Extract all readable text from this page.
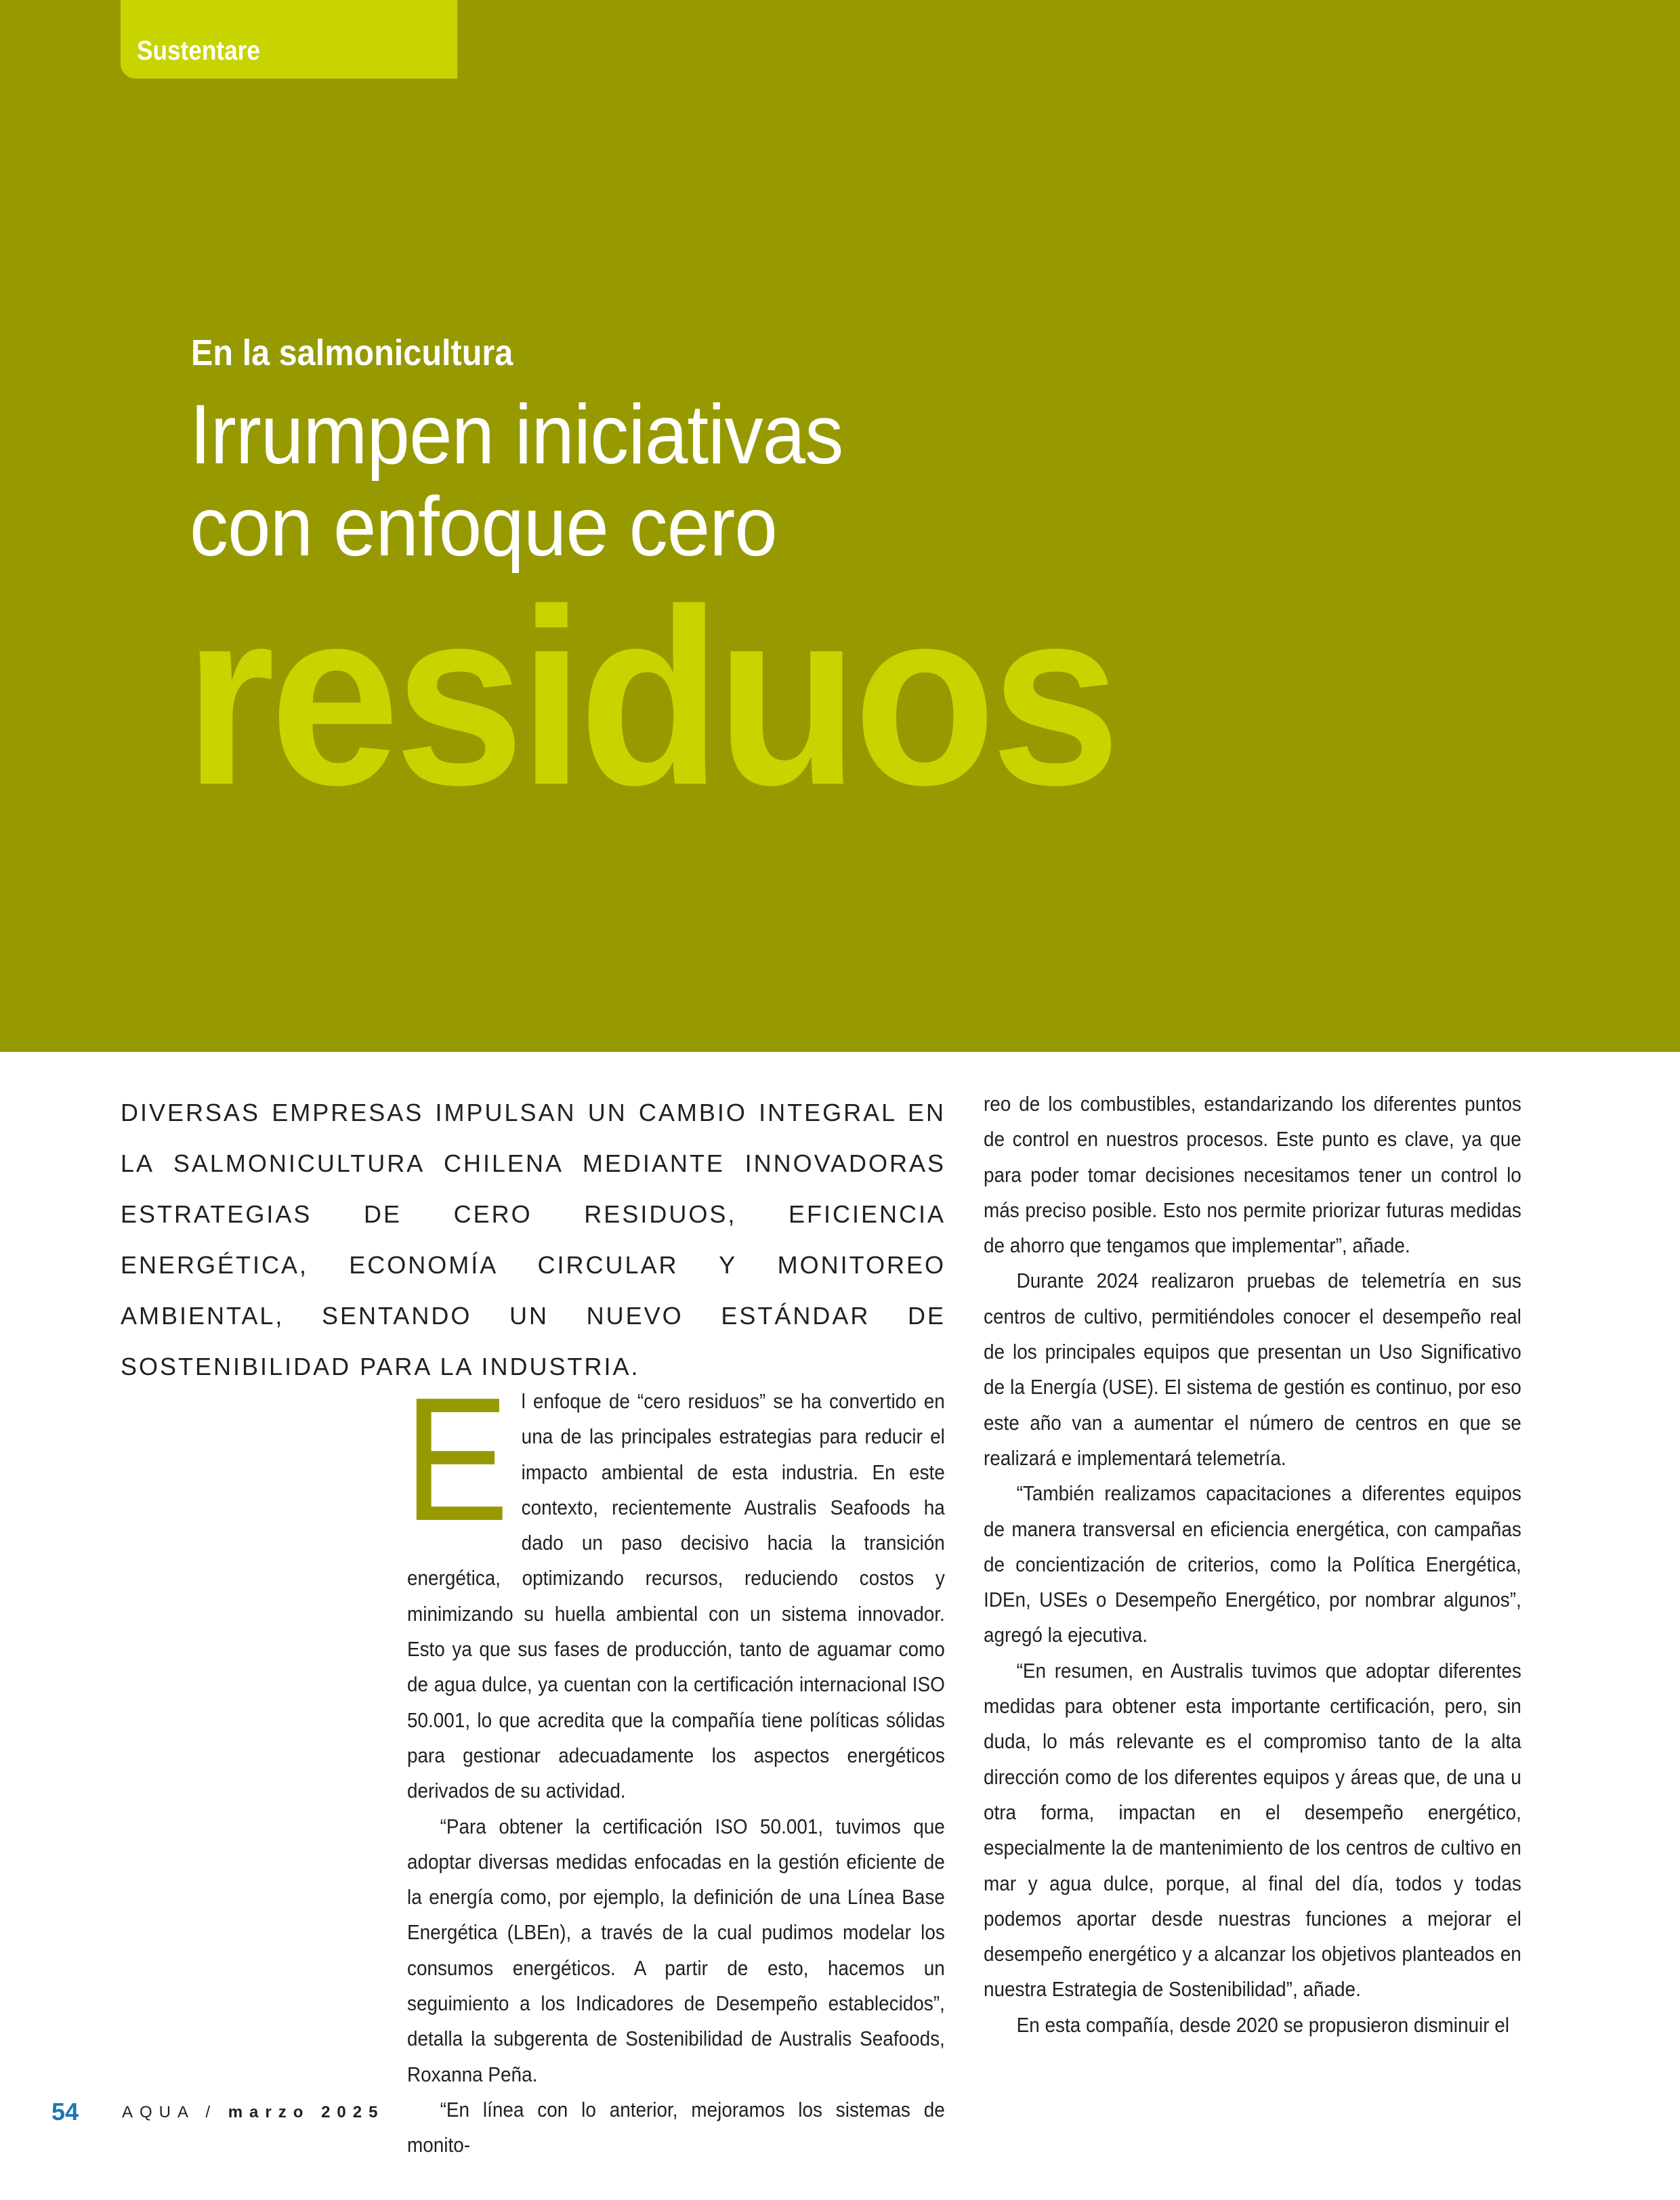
Sustentare
En la salmonicultura
Irrumpen iniciativas
con enfoque cero
residuos
DIVERSAS EMPRESAS IMPULSAN UN CAMBIO INTEGRAL EN LA SALMONICULTURA CHILENA MEDIANTE INNOVADORAS ESTRATEGIAS DE CERO RESIDUOS, EFICIENCIA ENERGÉTICA, ECONOMÍA CIRCULAR Y MONITOREO AMBIENTAL, SENTANDO UN NUEVO ESTÁNDAR DE SOSTENIBILIDAD PARA LA INDUSTRIA.

El enfoque de “cero residuos” se ha convertido en una de las principales estrategias para reducir el impacto ambiental de esta industria. En este contexto, recientemente Australis Seafoods ha dado un paso decisivo hacia la transición energética, optimizando recursos, reduciendo costos y minimizando su huella ambiental con un sistema innovador. Esto ya que sus fases de producción, tanto de aguamar como de agua dulce, ya cuentan con la certificación internacional ISO 50.001, lo que acredita que la compañía tiene políticas sólidas para gestionar adecuadamente los aspectos energéticos derivados de su actividad.

“Para obtener la certificación ISO 50.001, tuvimos que adoptar diversas medidas enfocadas en la gestión eficiente de la energía como, por ejemplo, la definición de una Línea Base Energética (LBEn), a través de la cual pudimos modelar los consumos energéticos. A partir de esto, hacemos un seguimiento a los Indicadores de Desempeño establecidos”, detalla la subgerenta de Sostenibilidad de Australis Seafoods, Roxanna Peña.

“En línea con lo anterior, mejoramos los sistemas de monito-

reo de los combustibles, estandarizando los diferentes puntos de control en nuestros procesos. Este punto es clave, ya que para poder tomar decisiones necesitamos tener un control lo más preciso posible. Esto nos permite priorizar futuras medidas de ahorro que tengamos que implementar”, añade.

Durante 2024 realizaron pruebas de telemetría en sus centros de cultivo, permitiéndoles conocer el desempeño real de los principales equipos que presentan un Uso Significativo de la Energía (USE). El sistema de gestión es continuo, por eso este año van a aumentar el número de centros en que se realizará e implementará telemetría.

“También realizamos capacitaciones a diferentes equipos de manera transversal en eficiencia energética, con campañas de concientización de criterios, como la Política Energética, IDEn, USEs o Desempeño Energético, por nombrar algunos”, agregó la ejecutiva.

“En resumen, en Australis tuvimos que adoptar diferentes medidas para obtener esta importante certificación, pero, sin duda, lo más relevante es el compromiso tanto de la alta dirección como de los diferentes equipos y áreas que, de una u otra forma, impactan en el desempeño energético, especialmente la de mantenimiento de los centros de cultivo en mar y agua dulce, porque, al final del día, todos y todas podemos aportar desde nuestras funciones a mejorar el desempeño energético y a alcanzar los objetivos planteados en nuestra Estrategia de Sostenibilidad”, añade.

En esta compañía, desde 2020 se propusieron disminuir el

54	AQUA / marzo 2025
